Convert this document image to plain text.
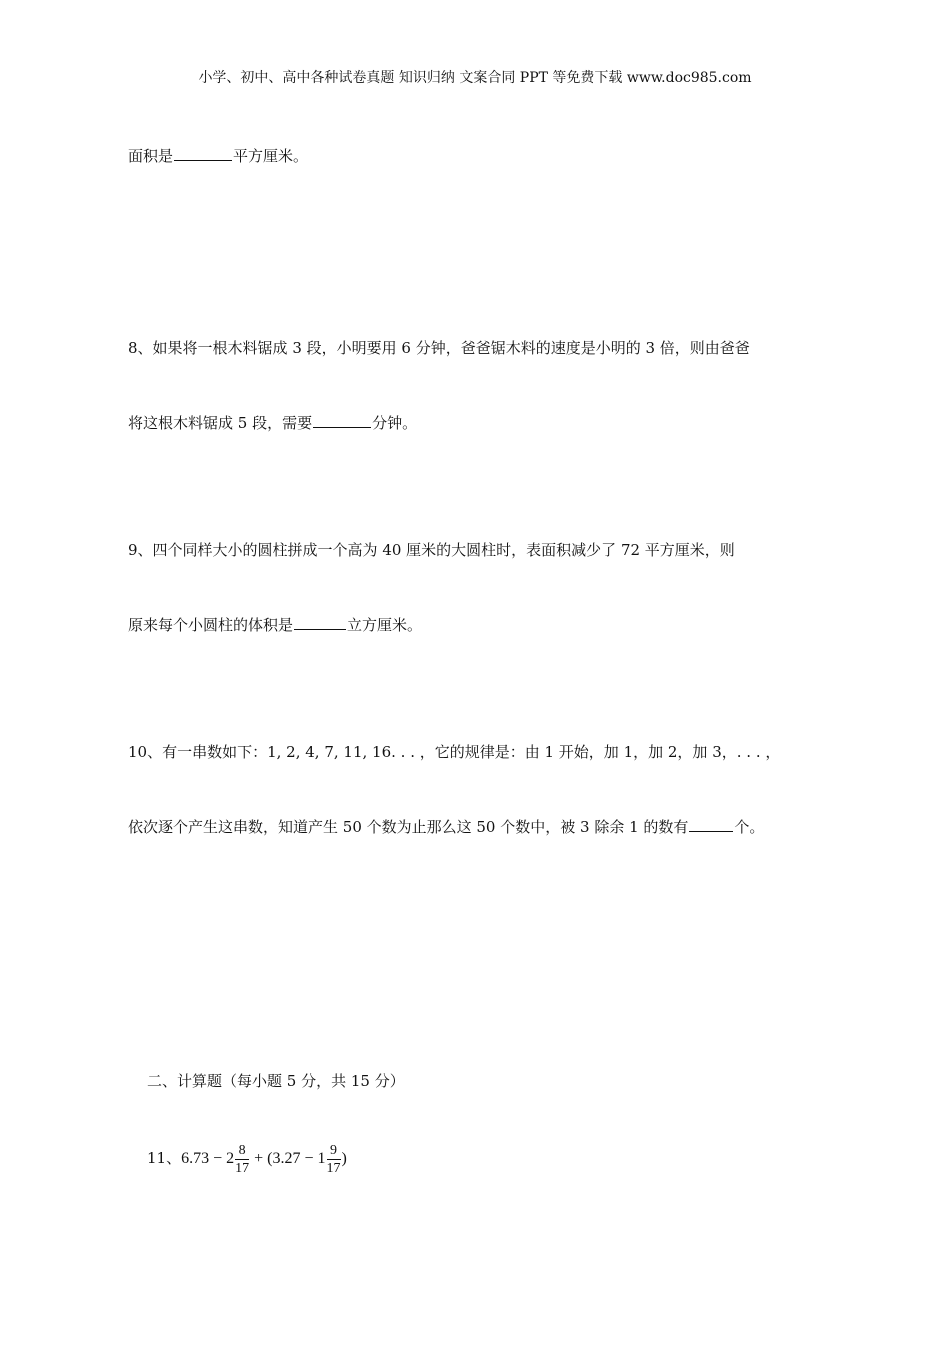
小学、初中、高中各种试卷真题 知识归纳 文案合同 PPT 等免费下载 www.doc985.com
面积是	平方厘米。
8、如果将一根木料锯成 3 段，小明要用 6 分钟，爸爸锯木料的速度是小明的 3 倍，则由爸爸
将这根木料锯成 5 段，需要	分钟。
9、四个同样大小的圆柱拼成一个高为 40 厘米的大圆柱时，表面积减少了 72 平方厘米，则
原来每个小圆柱的体积是	立方厘米。
10、有一串数如下：1, 2, 4, 7, 11, 16. . . ，它的规律是：由 1 开始，加 1，加 2，加 3，. . . ，
依次逐个产生这串数，知道产生 50 个数为止那么这 50 个数中，被 3 除余 1 的数有	个。
二、计算题（每小题 5 分，共 15 分）
11、$6.73 - 2 \frac{8}{17} + (3.27 - 1 \frac{9}{17}$ )
